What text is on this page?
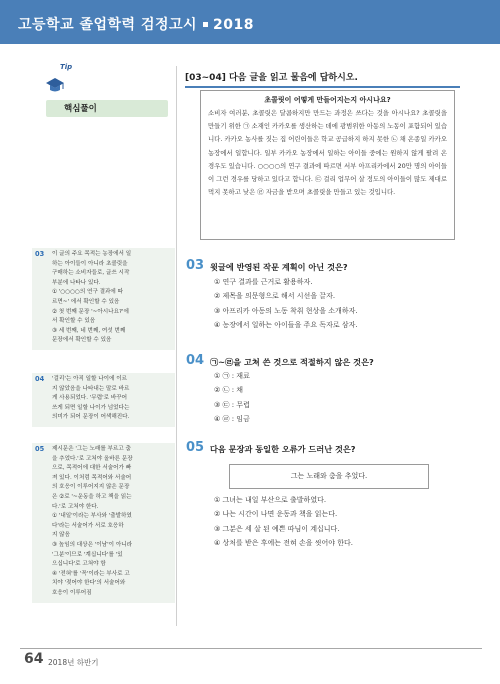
고등학교 졸업학력 검정고시 2018
Tip
핵심풀이
03 이 글의 주요 목적는 농장에서 일

하는 아이들이 아니라 초콜릿을

구매하는 소비자들로, 글쓰 시작

부분에 나타나 있다.

① '○○○○의 연구 결과에 따

르면~' 에서 확인할 수 있음

② 첫 번째 문장 '~아시나요?'에

서 확인할 수 있음

③ 세 번째, 네 번째, 여섯 번째

문장에서 확인할 수 있음

04 '걸리'는 아직 일할 나이에 이르

지 않았음을 나타내는 말로 바르

게 사용되었다. '무렵'로 바꾸어

쓰게 되면 일할 나이가 넘었다는

의미가 되어 문장이 어색해진다.

05 제시문은 '그는 노래를 부르고 춤

을 추었다.'로 고쳐야 올바른 문장

으로, 목적어에 대한 서술어가 빠

져 있다. 이처럼 목적어와 서술어

의 호응이 이루어지지 않은 문장

은 ②로 '~운동을 하고 책을 읽는

다.'로 고쳐야 한다.

① '내일'이라는 부사와 '출발하였

다'라는 서술어가 서로 호응하

지 않음

③ 높임의 대상은 '이남'이 아니라

'그분'이므로 '계십니다'를 '있

으십니다'로 고쳐야 함

④ '전혀'를 '꼭'이라는 부사로 고

치야 '젖어야 한다'의 서술어와

호응이 이루어짐

[03~04] 다음 글을 읽고 물음에 답하시오.

초콜릿이 어떻게 만들어지는지 아시나요?

소비자 여러분, 초콜릿은 달콤하지만 만드는 과정은 쓰다는 것을 아시나요? 초콜릿을 만들기 위한 ㉠ 소재인 카카오를 생산하는 데에 광범위한 아동의 노동이 포함되어 있습니다. 카카오 농사를 짓는 집 어린이들은 학교 공급하지 하지 못한 ㉡ 채 온종일 카카오 농장에서 일합니다. 일부 카카오 농장에서 일하는 아이들 중에는 원하지 않게 팔려 온 경우도 있습니다. ○○○○의 연구 결과에 따르면 서부 아프리카에서 20만 명의 아이들이 그런 경우를 당하고 있다고 합니다. ㉢ 걸리 업무어 살 정도의 아이들이 많도 제대로 먹지 못하고 낮은 ㉣ 자금을 받으며 초콜릿을 만들고 있는 것입니다.

03 윗글에 반영된 작문 계획이 아닌 것은?
① 연구 결과를 근거로 활용하자.
② 제목을 의문형으로 해서 시선을 끌자.
③ 아프리카 아동의 노동 착취 현상을 소개하자.
④ 농장에서 일하는 아이들을 주요 독자로 삼자.
04 ㉠~㉣을 고쳐 쓴 것으로 적절하지 않은 것은?
① ㉠ : 재료
② ㉡ : 채
③ ㉢ : 무렵
④ ㉣ : 임금
05 다음 문장과 동일한 오류가 드러난 것은?
그는 노래와 춤을 추었다.
① 그녀는 내일 부산으로 출발하였다.
② 나는 시간이 나면 운동과 책을 읽는다.
③ 그분은 세 살 된 예쁜 따님이 계십니다.
④ 상처를 받은 후에는 전혀 손을 씻어야 한다.
64 2018년 하반기
